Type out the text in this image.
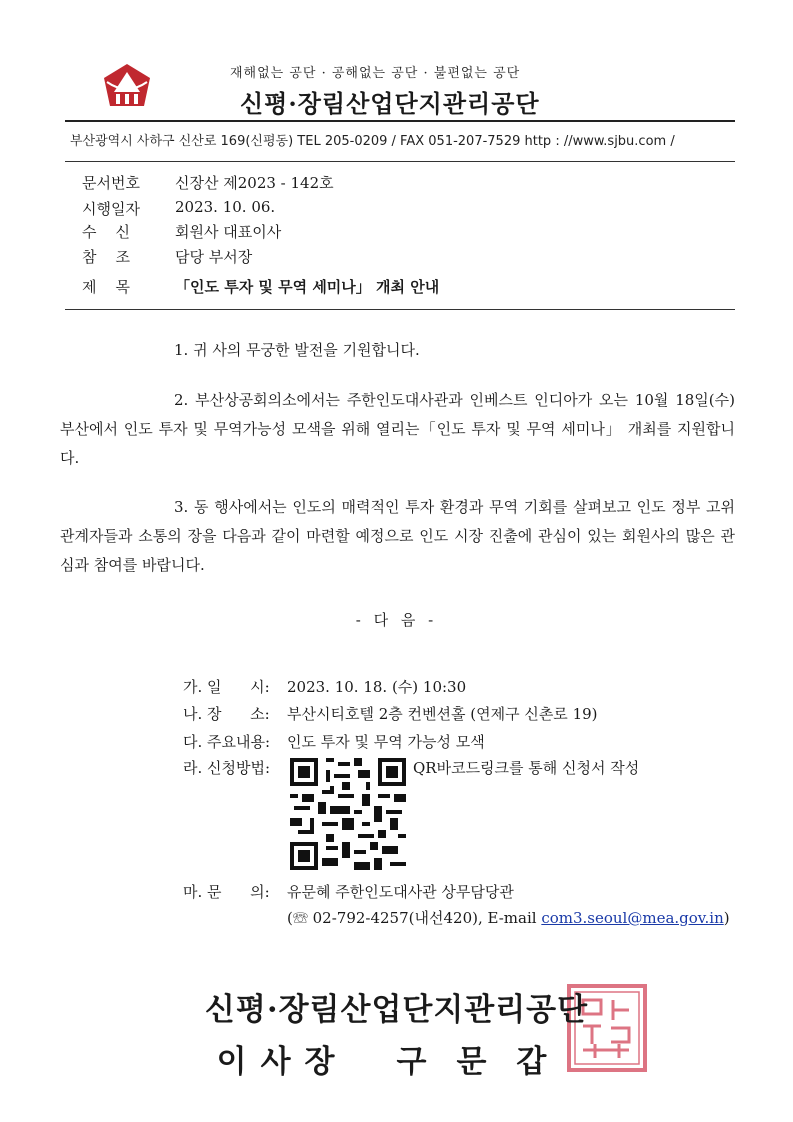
재해없는 공단 · 공해없는 공단 · 불편없는 공단
신평·장림산업단지관리공단
부산광역시 사하구 신산로 169(신평동) TEL 205-0209 / FAX 051-207-7529 http : //www.sjbu.com /
문서번호 신장산 제2023 - 142호
시행일자 2023. 10. 06.
수    신	회원사 대표이사
참    조	담당 부서장
제    목	「인도 투자 및 무역 세미나」 개최 안내
1. 귀 사의 무궁한 발전을 기원합니다.
2. 부산상공회의소에서는 주한인도대사관과 인베스트 인디아가 오는 10월 18일(수) 부산에서 인도 투자 및 무역가능성 모색을 위해 열리는「인도 투자 및 무역 세미나」 개최를 지원합니다.
3. 동 행사에서는 인도의 매력적인 투자 환경과 무역 기회를 살펴보고 인도 정부 고위 관계자들과 소통의 장을 다음과 같이 마련할 예정으로 인도 시장 진출에 관심이 있는 회원사의 많은 관심과 참여를 바랍니다.
- 다 음 -
가. 일      시: 2023. 10. 18. (수) 10:30
나. 장      소: 부산시티호텔 2층 컨벤션홀 (연제구 신촌로 19)
다. 주요내용: 인도 투자 및 무역 가능성 모색
라. 신청방법:	QR바코드링크를 통해 신청서 작성
마. 문      의: 유문혜 주한인도대사관 상무담당관
(☏ 02-792-4257(내선420), E-mail com3.seoul@mea.gov.in)
신평·장림산업단지관리공단
이사장 구문갑
